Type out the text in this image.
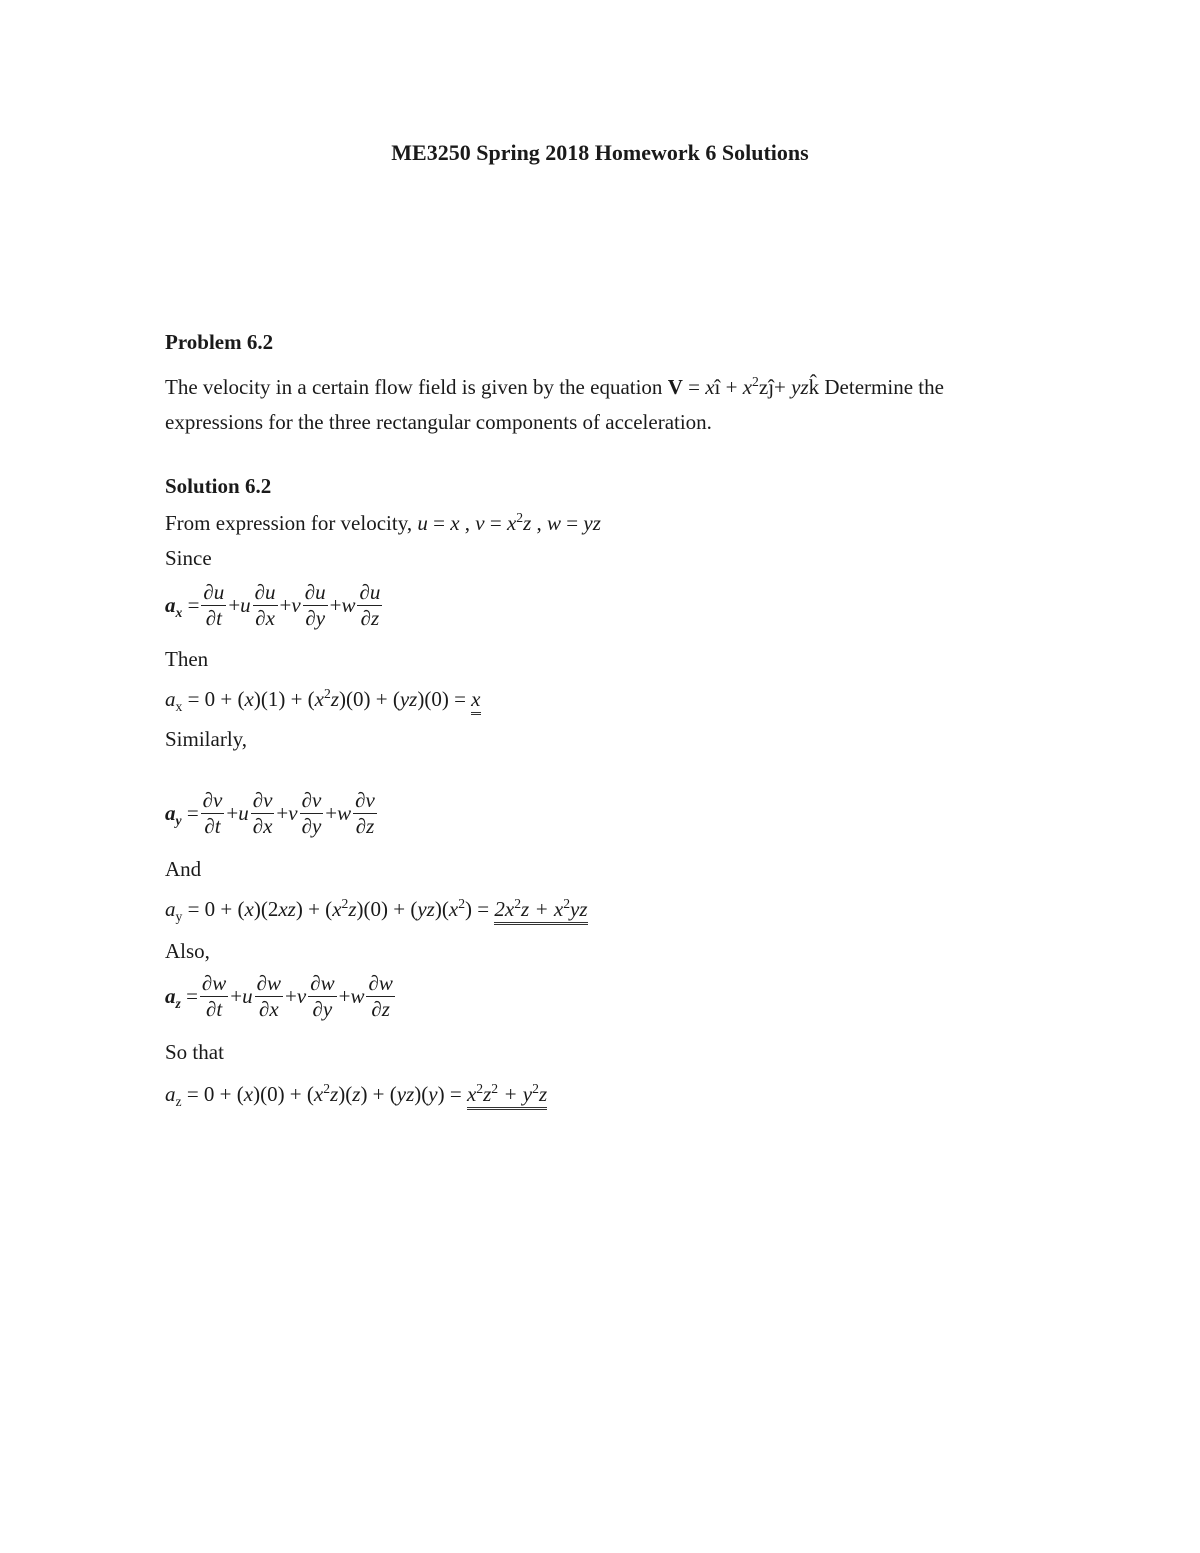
ME3250 Spring 2018 Homework 6 Solutions
Problem 6.2
The velocity in a certain flow field is given by the equation V = xî + $x^2zĵ+$ yzk̂ Determine the
expressions for the three rectangular components of acceleration.
Solution 6.2
From expression for velocity, u = x , $v = x^2z$ , w = yz
Since
$a_x = \frac{\partial u}{\partial t} + u \frac{\partial u}{\partial x} + v \frac{\partial u}{\partial y} + w \frac{\partial u}{\partial z}$
Then
$a_x = 0 + (x)(1) + (x^2z)(0) + (yz)(0) = x$
Similarly,
$a_y = \frac{\partial v}{\partial t} + u \frac{\partial v}{\partial x} + v \frac{\partial v}{\partial y} + w \frac{\partial v}{\partial z}$
And
$a_y = 0 + (x)(2xz) + (x^2z)(0) + (yz)(x^2) = 2x^2z + x^2yz$
Also,
$a_z = \frac{\partial w}{\partial t} + u \frac{\partial w}{\partial x} + v \frac{\partial w}{\partial y} + w \frac{\partial w}{\partial z}$
So that
$a_z = 0 + (x)(0) + (x^2z)(z) + (yz)(y) = x^2z^2 + y^2z$
